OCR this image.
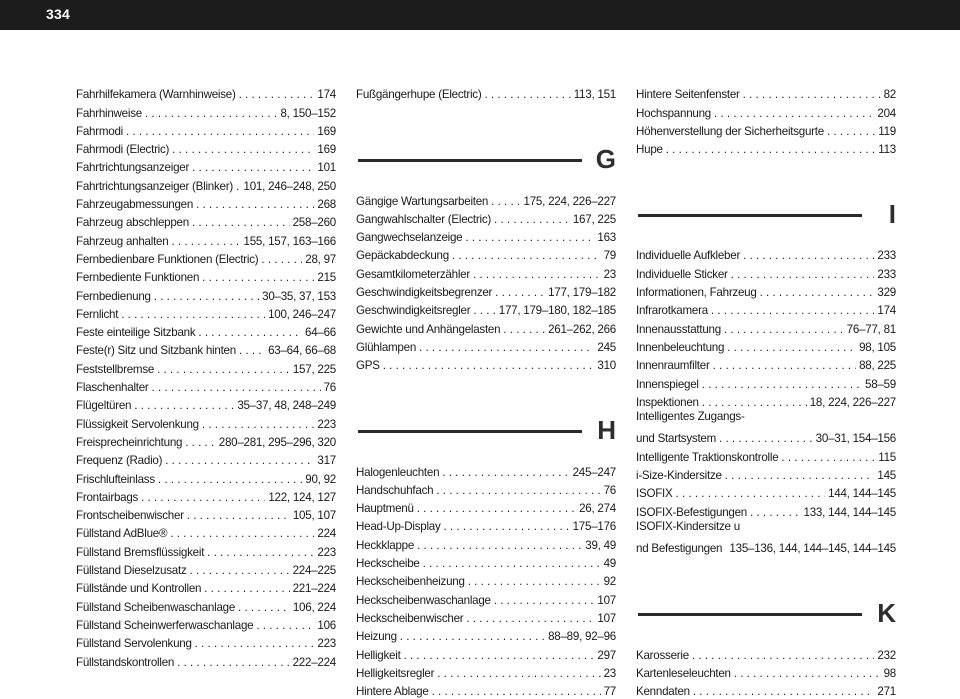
334
Fahrhilfekamera (Warnhinweise) . . .	174
Fahrhinweise . . .	8, 150–152
Fahrmodi . . .	169
Fahrmodi (Electric) . . .	169
Fahrtrichtungsanzeiger . . .	101
Fahrtrichtungsanzeiger (Blinker) . . . 101, 246–248, 250
Fahrzeugabmessungen . . .	268
Fahrzeug abschleppen . . .	258–260
Fahrzeug anhalten . . .	155, 157, 163–166
Fernbedienbare Funktionen (Electric) . . .	28, 97
Fernbediente Funktionen . . .	215
Fernbedienung . . .	30–35, 37, 153
Fernlicht . . .	100, 246–247
Feste einteilige Sitzbank . . .	64–66
Feste(r) Sitz und Sitzbank hinten . . .	63–64, 66–68
Feststellbremse . . .	157, 225
Flaschenhalter . . .	76
Flügeltüren . . .	35–37, 48, 248–249
Flüssigkeit Servolenkung . . .	223
Freisprecheinrichtung . . .	280–281, 295–296, 320
Frequenz (Radio) . . .	317
Frischlufteinlass . . .	90, 92
Frontairbags . . .	122, 124, 127
Frontscheibenwischer . . .	105, 107
Füllstand AdBlue® . . .	224
Füllstand Bremsflüssigkeit . . .	223
Füllstand Dieselzusatz . . .	224–225
Füllstände und Kontrollen . . .	221–224
Füllstand Scheibenwaschanlage . . .	106, 224
Füllstand Scheinwerferwaschanlage . . .	106
Füllstand Servolenkung . . .	223
Füllstandskontrollen . . .	222–224
Fußgängerhupe (Electric) . . .	113, 151
G
Gängige Wartungsarbeiten . . .	175, 224, 226–227
Gangwahlschalter (Electric) . . .	167, 225
Gangwechselanzeige . . .	163
Gepäckabdeckung . . .	79
Gesamtkilometerzähler . . .	23
Geschwindigkeitsbegrenzer . . .	177, 179–182
Geschwindigkeitsregler . . . 177, 179–180, 182–185
Gewichte und Anhängelasten . . .	261–262, 266
Glühlampen . . .	245
GPS . . .	310
H
Halogenleuchten . . .	245–247
Handschuhfach . . .	76
Hauptmenü . . .	26, 274
Head-Up-Display . . .	175–176
Heckklappe . . .	39, 49
Heckscheibe . . .	49
Heckscheibenheizung . . .	92
Heckscheibenwaschanlage . . .	107
Heckscheibenwischer . . .	107
Heizung . . .	88–89, 92–96
Helligkeit . . .	297
Helligkeitsregler . . .	23
Hintere Ablage . . .	77
Hintere Seitenfenster . . .	82
Hochspannung . . .	204
Höhenverstellung der Sicherheitsgurte . . .	119
Hupe . . .	113
I
Individuelle Aufkleber . . .	233
Individuelle Sticker . . .	233
Informationen, Fahrzeug . . .	329
Infrarotkamera . . .	174
Innenausstattung . . .	76–77, 81
Innenbeleuchtung . . .	98, 105
Innenraumfilter . . .	88, 225
Innenspiegel . . .	58–59
Inspektionen . . .	18, 224, 226–227
Intelligentes Zugangs-
und Startsystem . . .	30–31, 154–156
Intelligente Traktionskontrolle . . .	115
i-Size-Kindersitze . . .	145
ISOFIX . . .	144, 144–145
ISOFIX-Befestigungen . . .	133, 144, 144–145
ISOFIX-Kindersitze u
nd Befestigungen . . . 135–136, 144, 144–145, 144–145
K
Karosserie . . .	232
Kartenleseleuchten . . .	98
Kenndaten . . .	271
